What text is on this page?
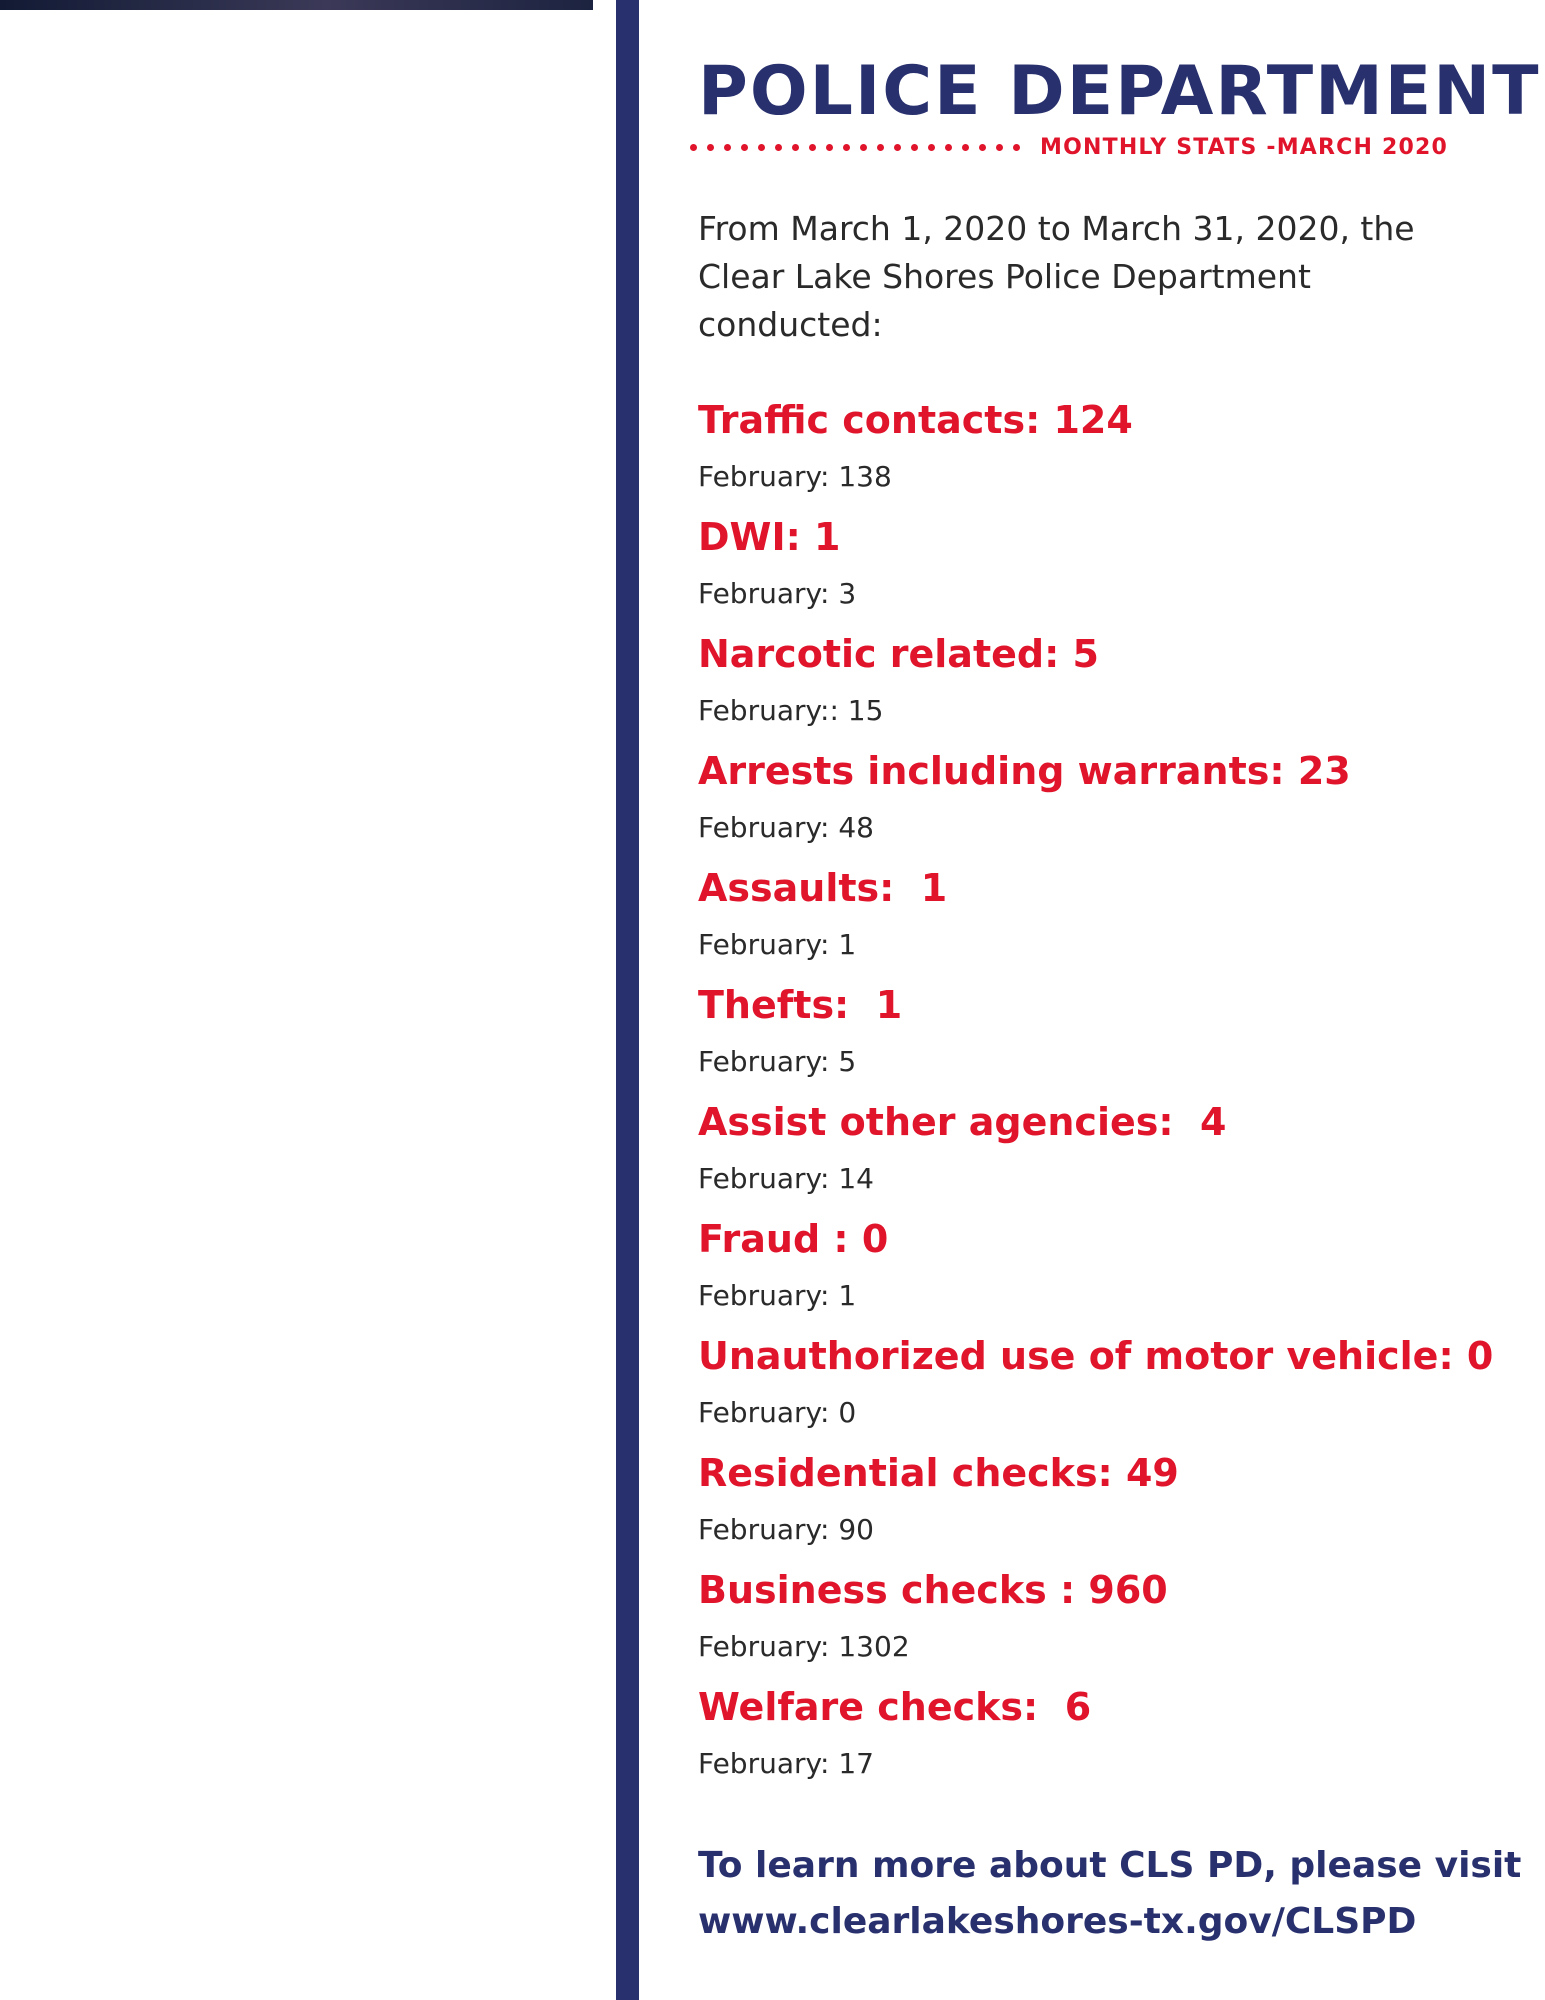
POLICE DEPARTMENT
MONTHLY STATS -MARCH 2020

From March 1, 2020 to March 31, 2020, the Clear Lake Shores Police Department conducted:

Traffic contacts: 124
February: 138
DWI: 1
February: 3
Narcotic related: 5
February:: 15
Arrests including warrants: 23
February: 48
Assaults:  1
February: 1
Thefts:  1
February: 5
Assist other agencies:  4
February: 14
Fraud : 0
February: 1
Unauthorized use of motor vehicle: 0
February: 0
Residential checks: 49
February: 90
Business checks : 960
February: 1302
Welfare checks:  6
February: 17
To learn more about CLS PD, please visit
www.clearlakeshores-tx.gov/CLSPD
